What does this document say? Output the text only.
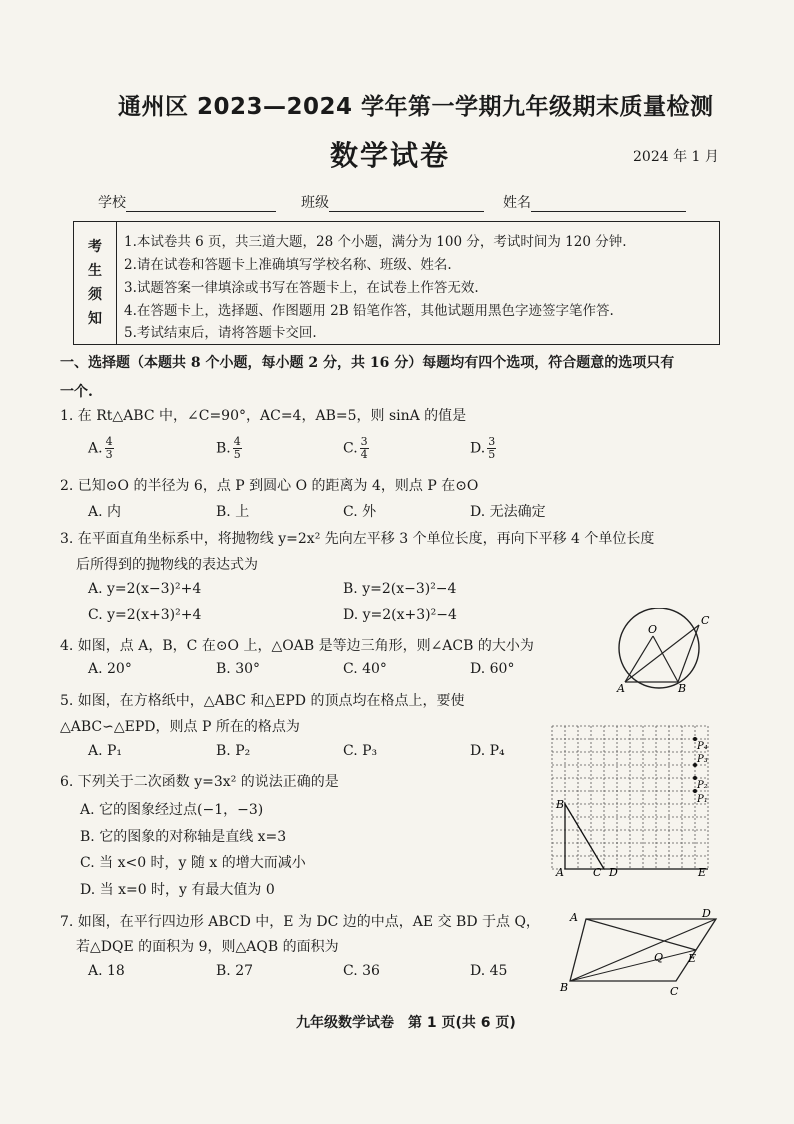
通州区 2023—2024 学年第一学期九年级期末质量检测
数学试卷	2024 年 1 月
学校	班级	姓名
考
生
须
知
1.本试卷共 6 页，共三道大题，28 个小题，满分为 100 分，考试时间为 120 分钟.
2.请在试卷和答题卡上准确填写学校名称、班级、姓名.
3.试题答案一律填涂或书写在答题卡上，在试卷上作答无效.
4.在答题卡上，选择题、作图题用 2B 铅笔作答，其他试题用黑色字迹签字笔作答.
5.考试结束后，请将答题卡交回.
一、选择题（本题共 8 个小题，每小题 2 分，共 16 分）每题均有四个选项，符合题意的选项只有
一个.
1. 在 Rt△ABC 中，∠C=90°，AC=4，AB=5，则 sinA 的值是
A. $\frac{4}{3}$	B. $\frac{4}{5}$	C. $\frac{3}{4}$	D. $\frac{3}{5}$
2. 已知⊙O 的半径为 6，点 P 到圆心 O 的距离为 4，则点 P 在⊙O
A. 内	B. 上	C. 外	D. 无法确定
3. 在平面直角坐标系中，将抛物线 y=2x² 先向左平移 3 个单位长度，再向下平移 4 个单位长度
后所得到的抛物线的表达式为
A. y=2(x−3)²+4	B. y=2(x−3)²−4
C. y=2(x+3)²+4	D. y=2(x+3)²−4
4. 如图，点 A，B，C 在⊙O 上，△OAB 是等边三角形，则∠ACB 的大小为
A. 20°	B. 30°	C. 40°	D. 60°
O
C
A	B
5. 如图，在方格纸中，△ABC 和△EPD 的顶点均在格点上，要使
△ABC∽△EPD，则点 P 所在的格点为
A. P₁	B. P₂	C. P₃	D. P₄	P₄
P₃
P₂
P₁
B
A	C D	E
6. 下列关于二次函数 y=3x² 的说法正确的是
A. 它的图象经过点(−1，−3)
B. 它的图象的对称轴是直线 x=3
C. 当 x<0 时，y 随 x 的增大而减小
D. 当 x=0 时，y 有最大值为 0
7. 如图，在平行四边形 ABCD 中，E 为 DC 边的中点，AE 交 BD 于点 Q，
若△DQE 的面积为 9，则△AQB 的面积为
A. 18	B. 27	C. 36	D. 45
A	D
Q E
B	C
九年级数学试卷　第 1 页(共 6 页)
